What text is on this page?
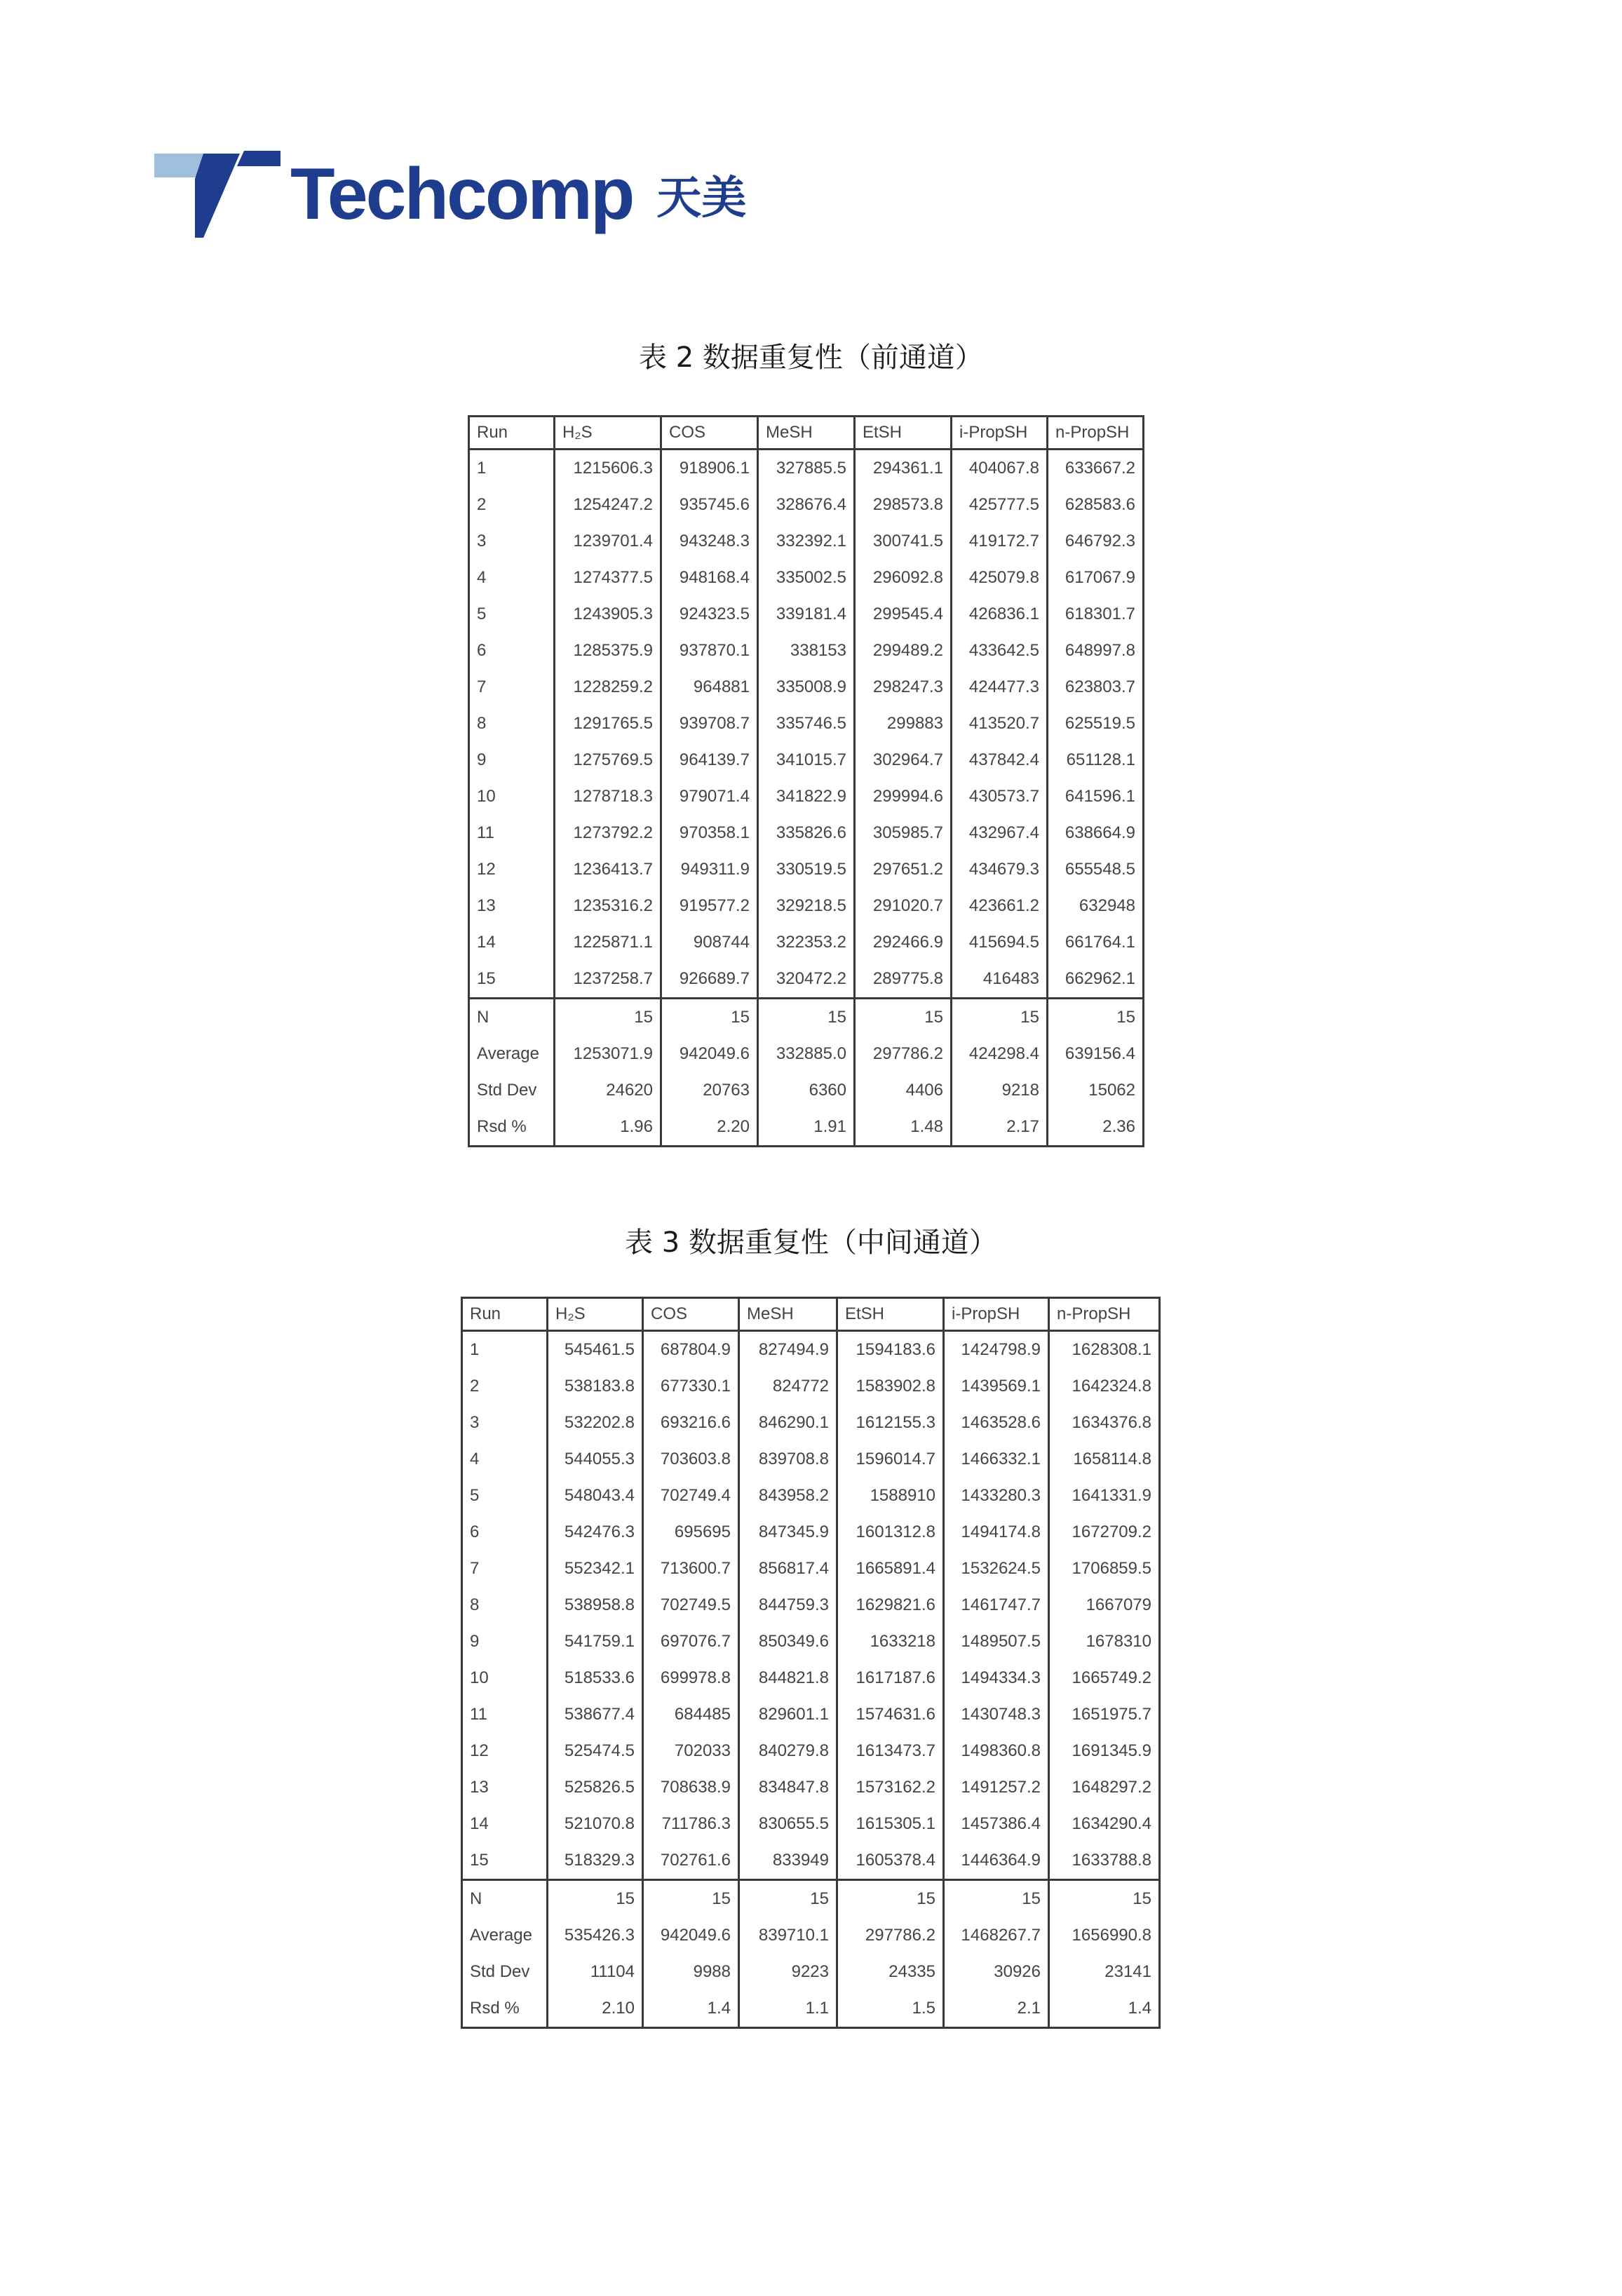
Techcomp 天美
表 2 数据重复性（前通道）
Run	H₂S	COS	MeSH	EtSH	i-PropSH	n-PropSH
1	1215606.3	918906.1	327885.5	294361.1	404067.8	633667.2
2	1254247.2	935745.6	328676.4	298573.8	425777.5	628583.6
3	1239701.4	943248.3	332392.1	300741.5	419172.7	646792.3
4	1274377.5	948168.4	335002.5	296092.8	425079.8	617067.9
5	1243905.3	924323.5	339181.4	299545.4	426836.1	618301.7
6	1285375.9	937870.1	338153	299489.2	433642.5	648997.8
7	1228259.2	964881	335008.9	298247.3	424477.3	623803.7
8	1291765.5	939708.7	335746.5	299883	413520.7	625519.5
9	1275769.5	964139.7	341015.7	302964.7	437842.4	651128.1
10	1278718.3	979071.4	341822.9	299994.6	430573.7	641596.1
11	1273792.2	970358.1	335826.6	305985.7	432967.4	638664.9
12	1236413.7	949311.9	330519.5	297651.2	434679.3	655548.5
13	1235316.2	919577.2	329218.5	291020.7	423661.2	632948
14	1225871.1	908744	322353.2	292466.9	415694.5	661764.1
15	1237258.7	926689.7	320472.2	289775.8	416483	662962.1
N	15	15	15	15	15	15
Average	1253071.9	942049.6	332885.0	297786.2	424298.4	639156.4
Std Dev	24620	20763	6360	4406	9218	15062
Rsd %	1.96	2.20	1.91	1.48	2.17	2.36
表 3 数据重复性（中间通道）
Run	H₂S	COS	MeSH	EtSH	i-PropSH	n-PropSH
1	545461.5	687804.9	827494.9	1594183.6	1424798.9	1628308.1
2	538183.8	677330.1	824772	1583902.8	1439569.1	1642324.8
3	532202.8	693216.6	846290.1	1612155.3	1463528.6	1634376.8
4	544055.3	703603.8	839708.8	1596014.7	1466332.1	1658114.8
5	548043.4	702749.4	843958.2	1588910	1433280.3	1641331.9
6	542476.3	695695	847345.9	1601312.8	1494174.8	1672709.2
7	552342.1	713600.7	856817.4	1665891.4	1532624.5	1706859.5
8	538958.8	702749.5	844759.3	1629821.6	1461747.7	1667079
9	541759.1	697076.7	850349.6	1633218	1489507.5	1678310
10	518533.6	699978.8	844821.8	1617187.6	1494334.3	1665749.2
11	538677.4	684485	829601.1	1574631.6	1430748.3	1651975.7
12	525474.5	702033	840279.8	1613473.7	1498360.8	1691345.9
13	525826.5	708638.9	834847.8	1573162.2	1491257.2	1648297.2
14	521070.8	711786.3	830655.5	1615305.1	1457386.4	1634290.4
15	518329.3	702761.6	833949	1605378.4	1446364.9	1633788.8
N	15	15	15	15	15	15
Average	535426.3	942049.6	839710.1	297786.2	1468267.7	1656990.8
Std Dev	11104	9988	9223	24335	30926	23141
Rsd %	2.10	1.4	1.1	1.5	2.1	1.4
